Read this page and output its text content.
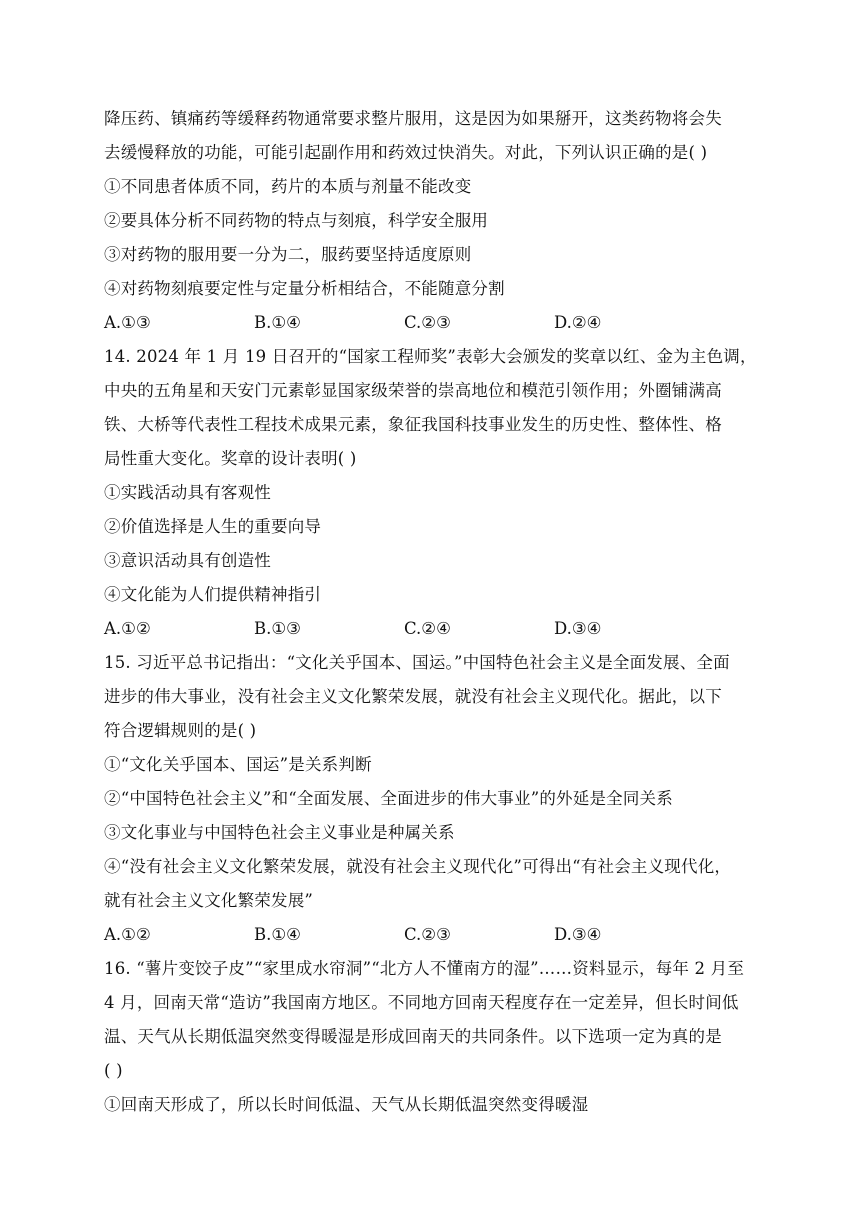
降压药、镇痛药等缓释药物通常要求整片服用，这是因为如果掰开，这类药物将会失
去缓慢释放的功能，可能引起副作用和药效过快消失。对此，下列认识正确的是( )
①不同患者体质不同，药片的本质与剂量不能改变
②要具体分析不同药物的特点与刻痕，科学安全服用
③对药物的服用要一分为二，服药要坚持适度原则
④对药物刻痕要定性与定量分析相结合，不能随意分割
A.①③	B.①④	C.②③	D.②④
14. 2024 年 1 月 19 日召开的“国家工程师奖”表彰大会颁发的奖章以红、金为主色调，
中央的五角星和天安门元素彰显国家级荣誉的崇高地位和模范引领作用；外圈铺满高
铁、大桥等代表性工程技术成果元素，象征我国科技事业发生的历史性、整体性、格
局性重大变化。奖章的设计表明( )
①实践活动具有客观性
②价值选择是人生的重要向导
③意识活动具有创造性
④文化能为人们提供精神指引
A.①②	B.①③	C.②④	D.③④
15. 习近平总书记指出：“文化关乎国本、国运。”中国特色社会主义是全面发展、全面
进步的伟大事业，没有社会主义文化繁荣发展，就没有社会主义现代化。据此，以下
符合逻辑规则的是( )
①“文化关乎国本、国运”是关系判断
②“中国特色社会主义”和“全面发展、全面进步的伟大事业”的外延是全同关系
③文化事业与中国特色社会主义事业是种属关系
④“没有社会主义文化繁荣发展，就没有社会主义现代化”可得出“有社会主义现代化，
就有社会主义文化繁荣发展”
A.①②	B.①④	C.②③	D.③④
16. “薯片变饺子皮”“家里成水帘洞”“北方人不懂南方的湿”……资料显示，每年 2 月至
4 月，回南天常“造访”我国南方地区。不同地方回南天程度存在一定差异，但长时间低
温、天气从长期低温突然变得暖湿是形成回南天的共同条件。以下选项一定为真的是
( )
①回南天形成了，所以长时间低温、天气从长期低温突然变得暖湿
